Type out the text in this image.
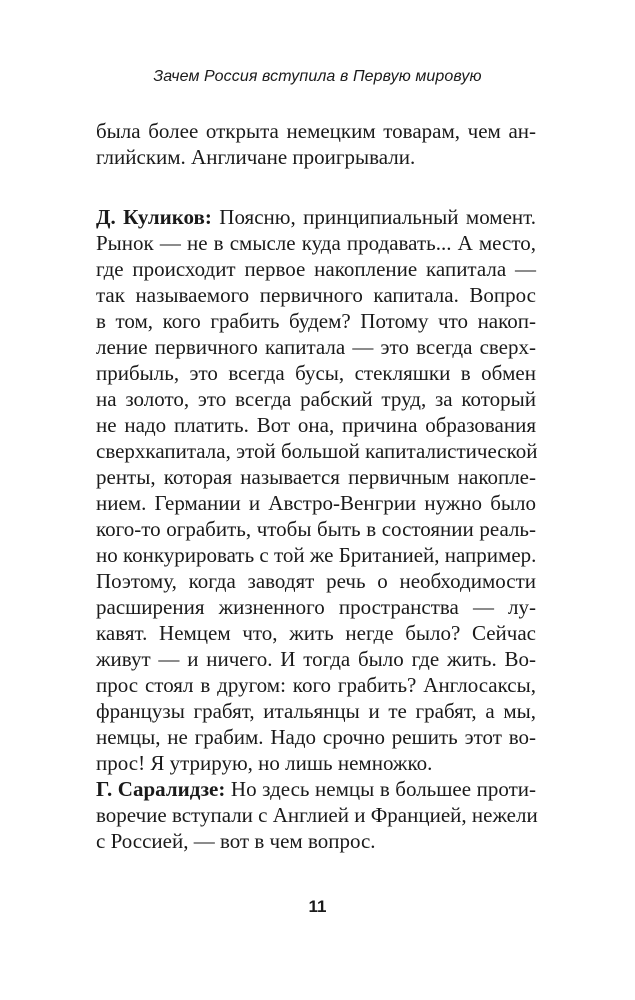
Зачем Россия вступила в Первую мировую
была более открыта немецким товарам, чем ан-
глийским. Англичане проигрывали.
Д. Куликов: Поясню, принципиальный момент.
Рынок — не в смысле куда продавать... А место,
где происходит первое накопление капитала —
так называемого первичного капитала. Вопрос
в том, кого грабить будем? Потому что накоп-
ление первичного капитала — это всегда сверх-
прибыль, это всегда бусы, стекляшки в обмен
на золото, это всегда рабский труд, за который
не надо платить. Вот она, причина образования
сверхкапитала, этой большой капиталистической
ренты, которая называется первичным накопле-
нием. Германии и Австро-Венгрии нужно было
кого-то ограбить, чтобы быть в состоянии реаль-
но конкурировать с той же Британией, например.
Поэтому, когда заводят речь о необходимости
расширения жизненного пространства — лу-
кавят. Немцем что, жить негде было? Сейчас
живут — и ничего. И тогда было где жить. Во-
прос стоял в другом: кого грабить? Англосаксы,
французы грабят, итальянцы и те грабят, а мы,
немцы, не грабим. Надо срочно решить этот во-
прос! Я утрирую, но лишь немножко.
Г. Саралидзе: Но здесь немцы в большее проти-
воречие вступали с Англией и Францией, нежели
с Россией, — вот в чем вопрос.
11
